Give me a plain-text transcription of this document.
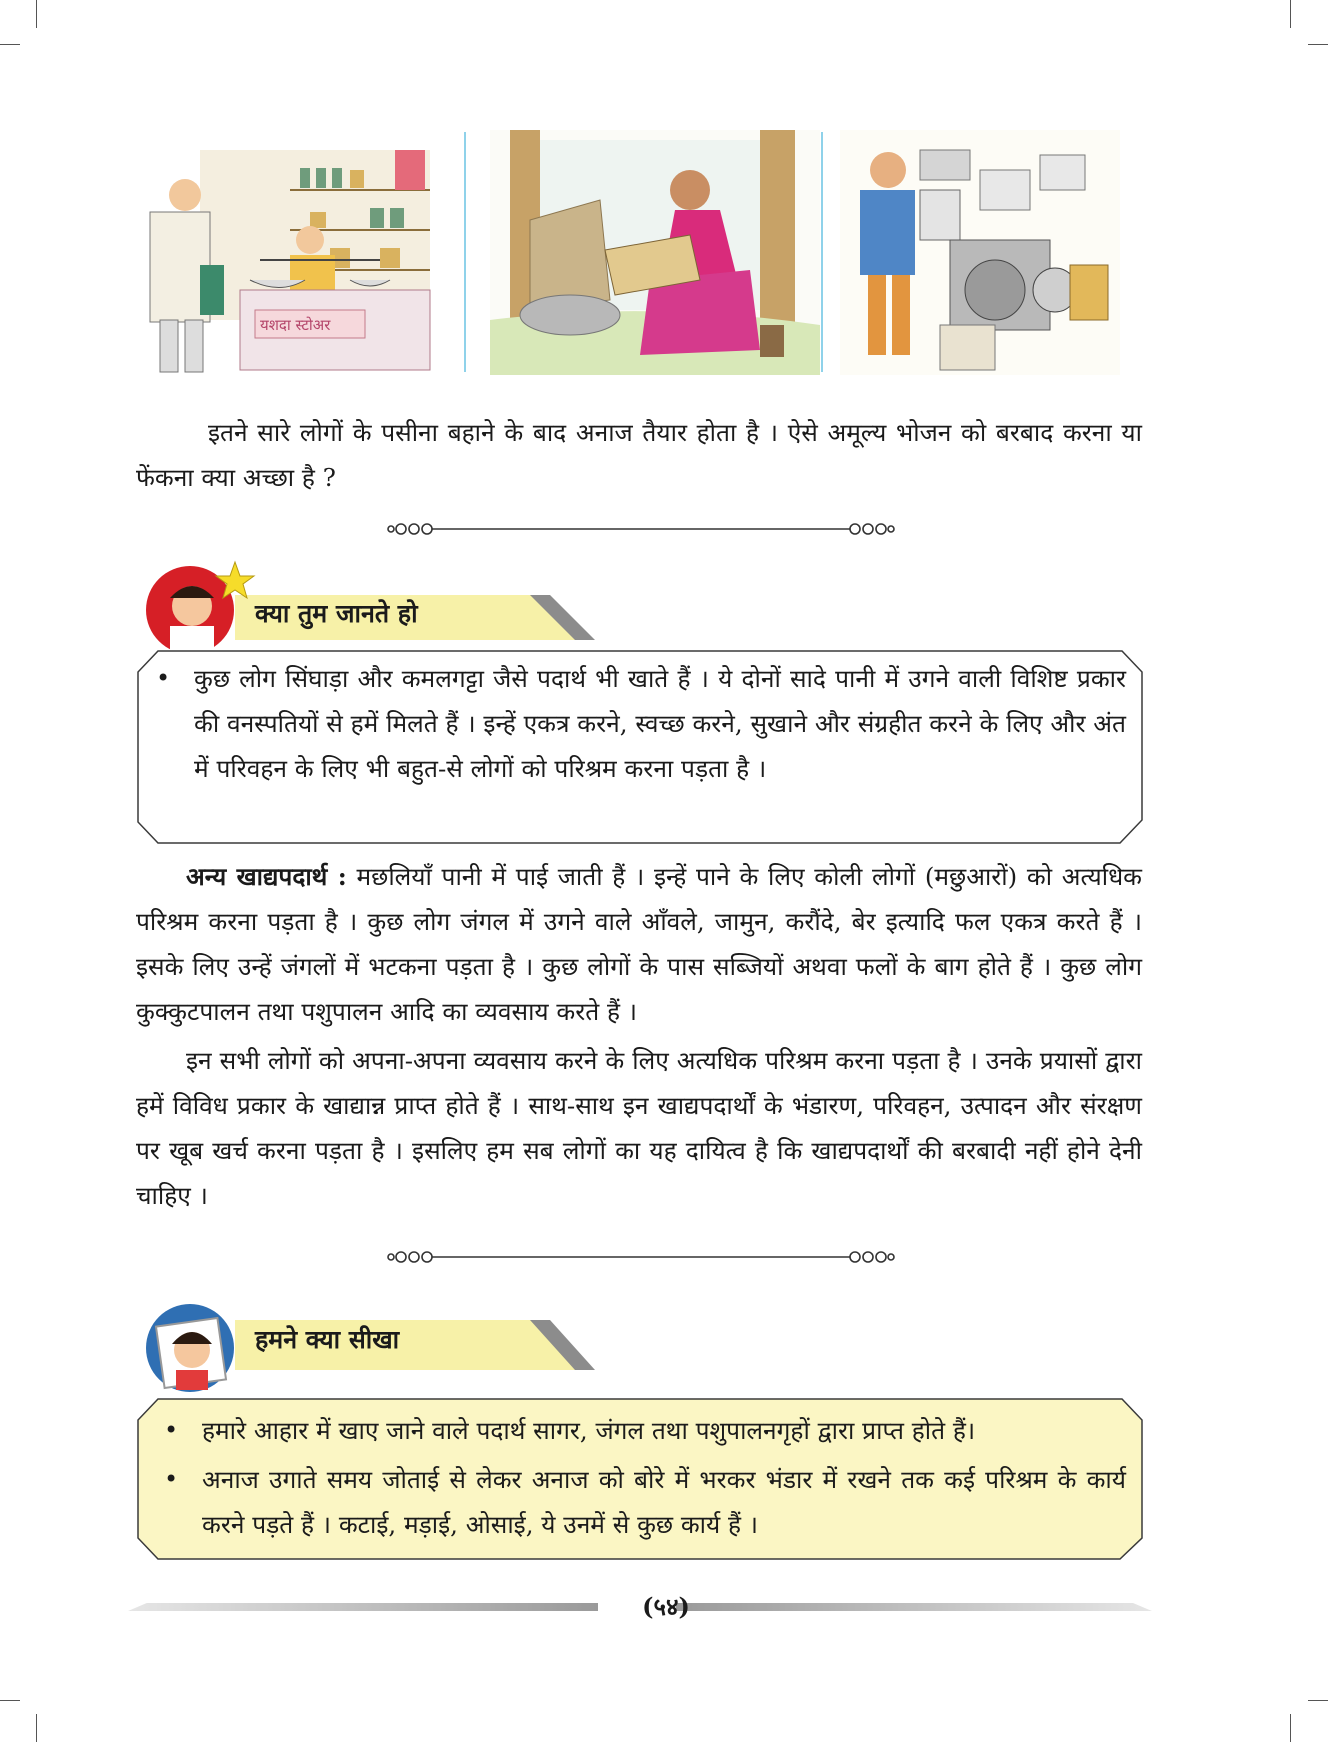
यशदा स्टोअर

इतने सारे लोगों के पसीना बहाने के बाद अनाज तैयार होता है । ऐसे अमूल्य भोजन को बरबाद करना या फेंकना क्या अच्छा है ?

क्या तुम जानते हो
• कुछ लोग सिंघाड़ा और कमलगट्टा जैसे पदार्थ भी खाते हैं । ये दोनों सादे पानी में उगने वाली विशिष्ट प्रकार की वनस्पतियों से हमें मिलते हैं । इन्हें एकत्र करने, स्वच्छ करने, सुखाने और संग्रहीत करने के लिए और अंत में परिवहन के लिए भी बहुत-से लोगों को परिश्रम करना पड़ता है ।

अन्य खाद्यपदार्थ : मछलियाँ पानी में पाई जाती हैं । इन्हें पाने के लिए कोली लोगों (मछुआरों) को अत्यधिक परिश्रम करना पड़ता है । कुछ लोग जंगल में उगने वाले आँवले, जामुन, करौंदे, बेर इत्यादि फल एकत्र करते हैं । इसके लिए उन्हें जंगलों में भटकना पड़ता है । कुछ लोगों के पास सब्जियों अथवा फलों के बाग होते हैं । कुछ लोग कुक्कुटपालन तथा पशुपालन आदि का व्यवसाय करते हैं ।

इन सभी लोगों को अपना-अपना व्यवसाय करने के लिए अत्यधिक परिश्रम करना पड़ता है । उनके प्रयासों द्वारा हमें विविध प्रकार के खाद्यान्न प्राप्त होते हैं । साथ-साथ इन खाद्यपदार्थों के भंडारण, परिवहन, उत्पादन और संरक्षण पर खूब खर्च करना पड़ता है । इसलिए हम सब लोगों का यह दायित्व है कि खाद्यपदार्थों की बरबादी नहीं होने देनी चाहिए ।

हमने क्या सीखा
• हमारे आहार में खाए जाने वाले पदार्थ सागर, जंगल तथा पशुपालनगृहों द्वारा प्राप्त होते हैं।
• अनाज उगाते समय जोताई से लेकर अनाज को बोरे में भरकर भंडार में रखने तक कई परिश्रम के कार्य करने पड़ते हैं । कटाई, मड़ाई, ओसाई, ये उनमें से कुछ कार्य हैं ।
(५४)
